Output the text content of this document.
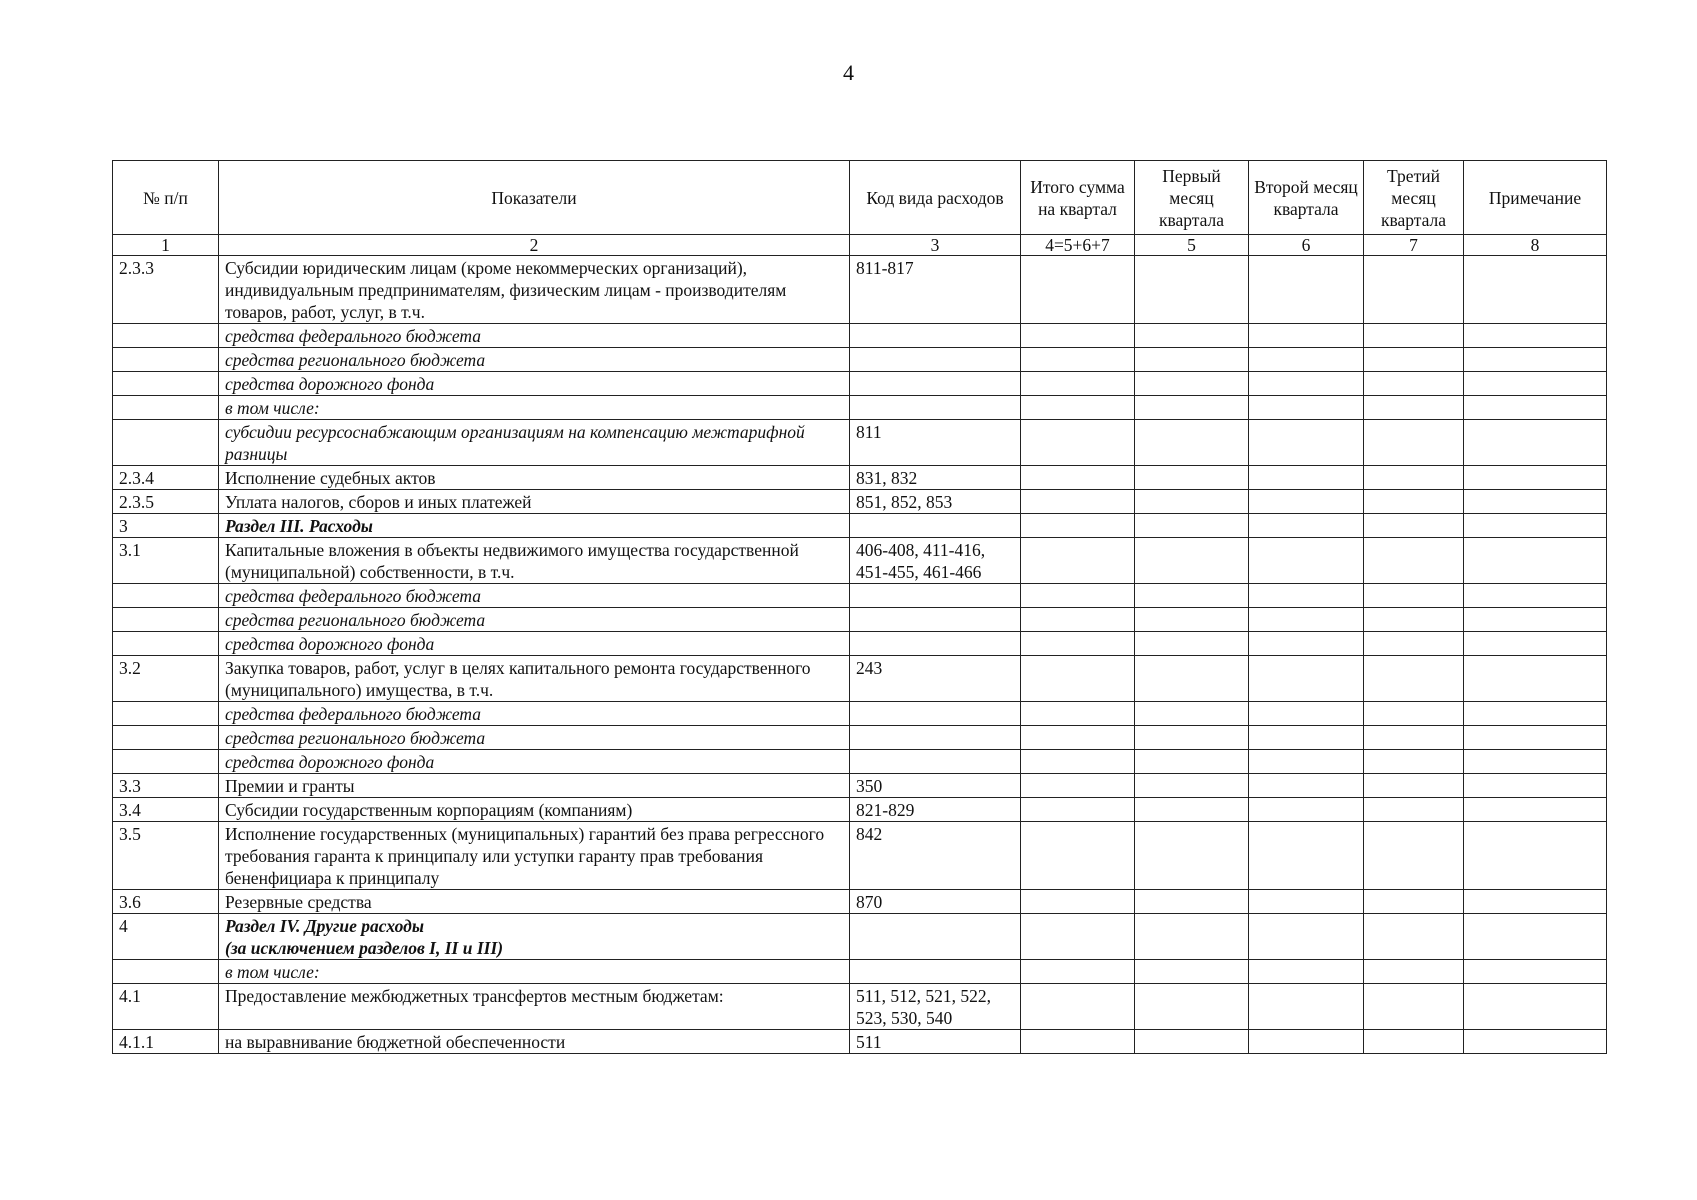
4
№ п/п	Показатели	Код вида расходов	Итого сумма на квартал	Первый месяц квартала	Второй месяц квартала	Третий месяц квартала	Примечание
1	2	3	4=5+6+7	5	6	7	8
2.3.3	Субсидии юридическим лицам (кроме некоммерческих организаций), индивидуальным предпринимателям, физическим лицам - производителям товаров, работ, услуг, в т.ч.	811-817					
	средства федерального бюджета						
	средства регионального бюджета						
	средства дорожного фонда						
	в том числе:						
	субсидии ресурсоснабжающим организациям на компенсацию межтарифной разницы	811					
2.3.4	Исполнение судебных актов	831, 832					
2.3.5	Уплата налогов, сборов и иных платежей	851, 852, 853					
3	Раздел III. Расходы						
3.1	Капитальные вложения в объекты недвижимого имущества государственной (муниципальной) собственности, в т.ч.	406-408, 411-416, 451-455, 461-466					
	средства федерального бюджета						
	средства регионального бюджета						
	средства дорожного фонда						
3.2	Закупка товаров, работ, услуг в целях капитального ремонта государственного (муниципального) имущества, в т.ч.	243					
	средства федерального бюджета						
	средства регионального бюджета						
	средства дорожного фонда						
3.3	Премии и гранты	350					
3.4	Субсидии государственным корпорациям (компаниям)	821-829					
3.5	Исполнение государственных (муниципальных) гарантий без права регрессного требования гаранта к принципалу или уступки гаранту прав требования бененфициара к принципалу	842					
3.6	Резервные средства	870					
4	Раздел IV. Другие расходы
(за исключением разделов I, II и III)						

	в том числе:						
4.1	Предоставление межбюджетных трансфертов местным бюджетам:	511, 512, 521, 522, 523, 530, 540					
4.1.1	на выравнивание бюджетной обеспеченности	511					
